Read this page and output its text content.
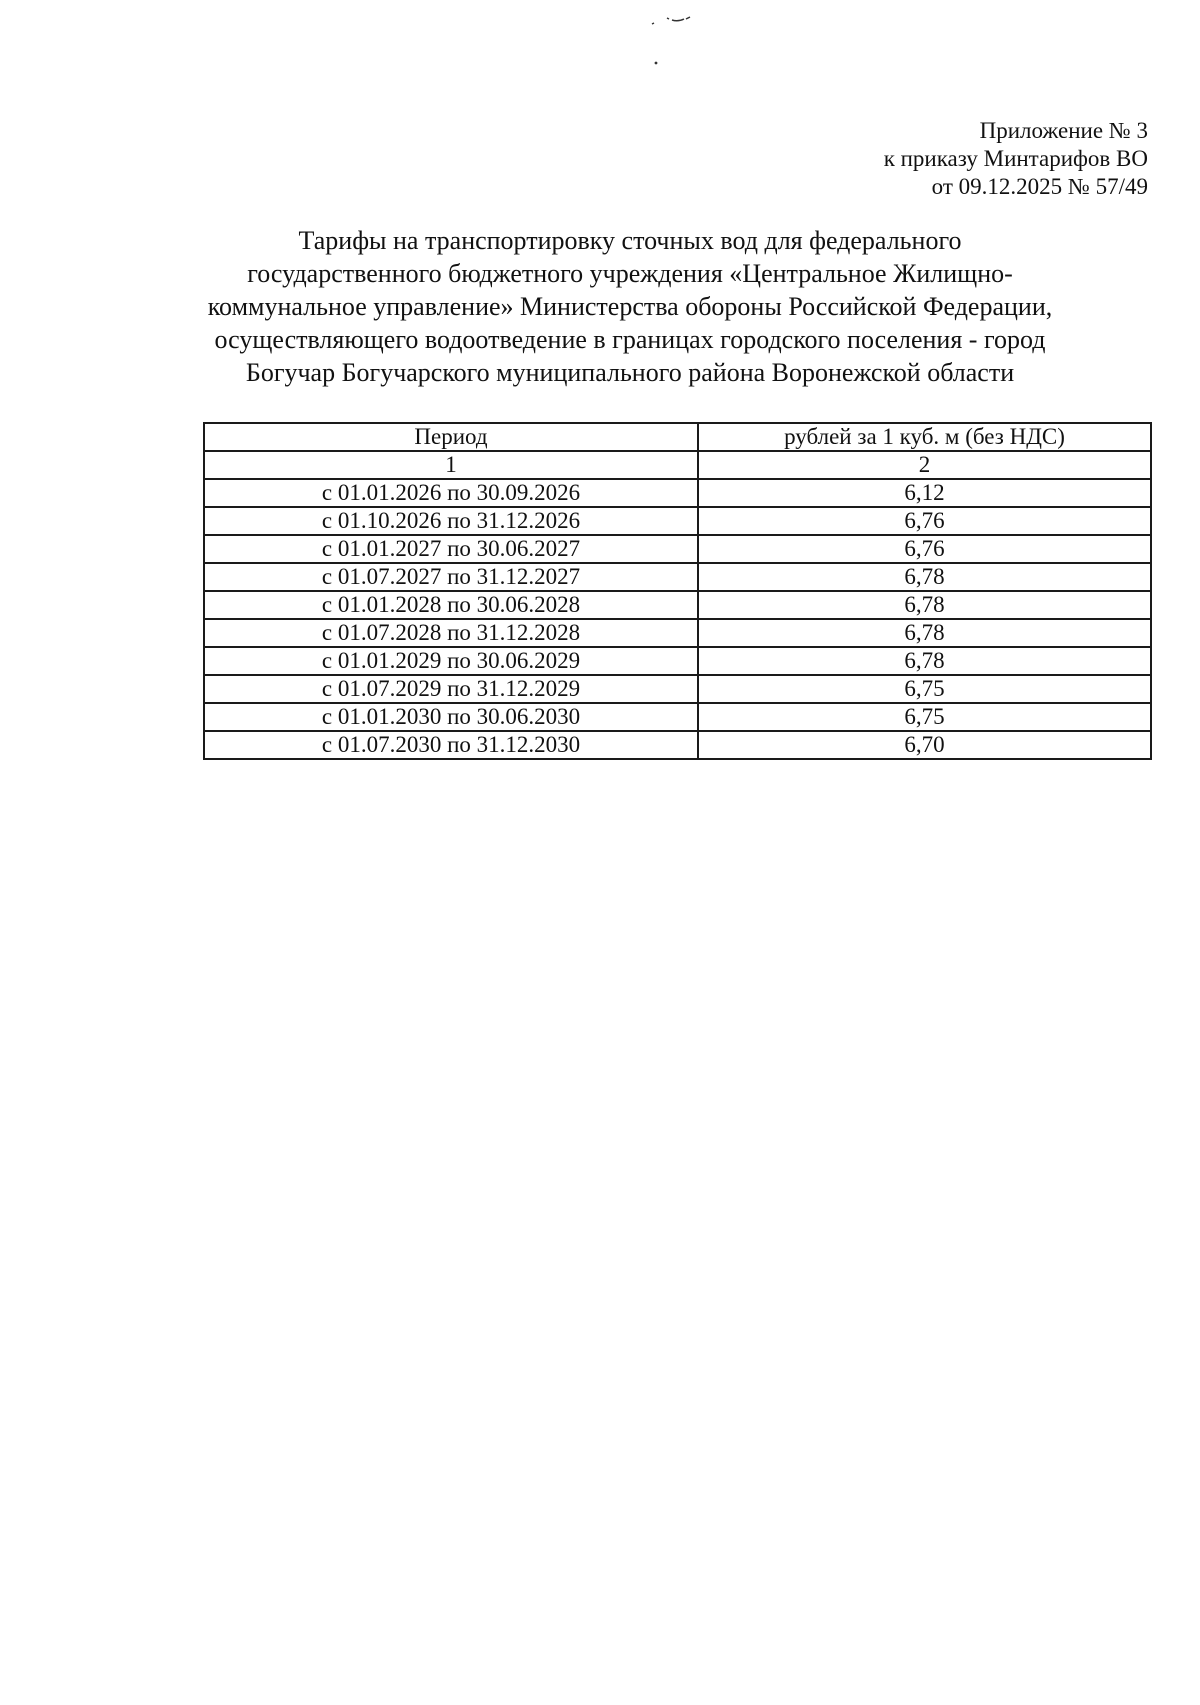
Приложение № 3
к приказу Минтарифов ВО
от 09.12.2025 № 57/49
Тарифы на транспортировку сточных вод для федерального
государственного бюджетного учреждения «Центральное Жилищно-
коммунальное управление» Министерства обороны Российской Федерации,
осуществляющего водоотведение в границах городского поселения - город
Богучар Богучарского муниципального района Воронежской области
Период	рублей за 1 куб. м (без НДС)
1	2
с 01.01.2026 по 30.09.2026	6,12
с 01.10.2026 по 31.12.2026	6,76
с 01.01.2027 по 30.06.2027	6,76
с 01.07.2027 по 31.12.2027	6,78
с 01.01.2028 по 30.06.2028	6,78
с 01.07.2028 по 31.12.2028	6,78
с 01.01.2029 по 30.06.2029	6,78
с 01.07.2029 по 31.12.2029	6,75
с 01.01.2030 по 30.06.2030	6,75
с 01.07.2030 по 31.12.2030	6,70
